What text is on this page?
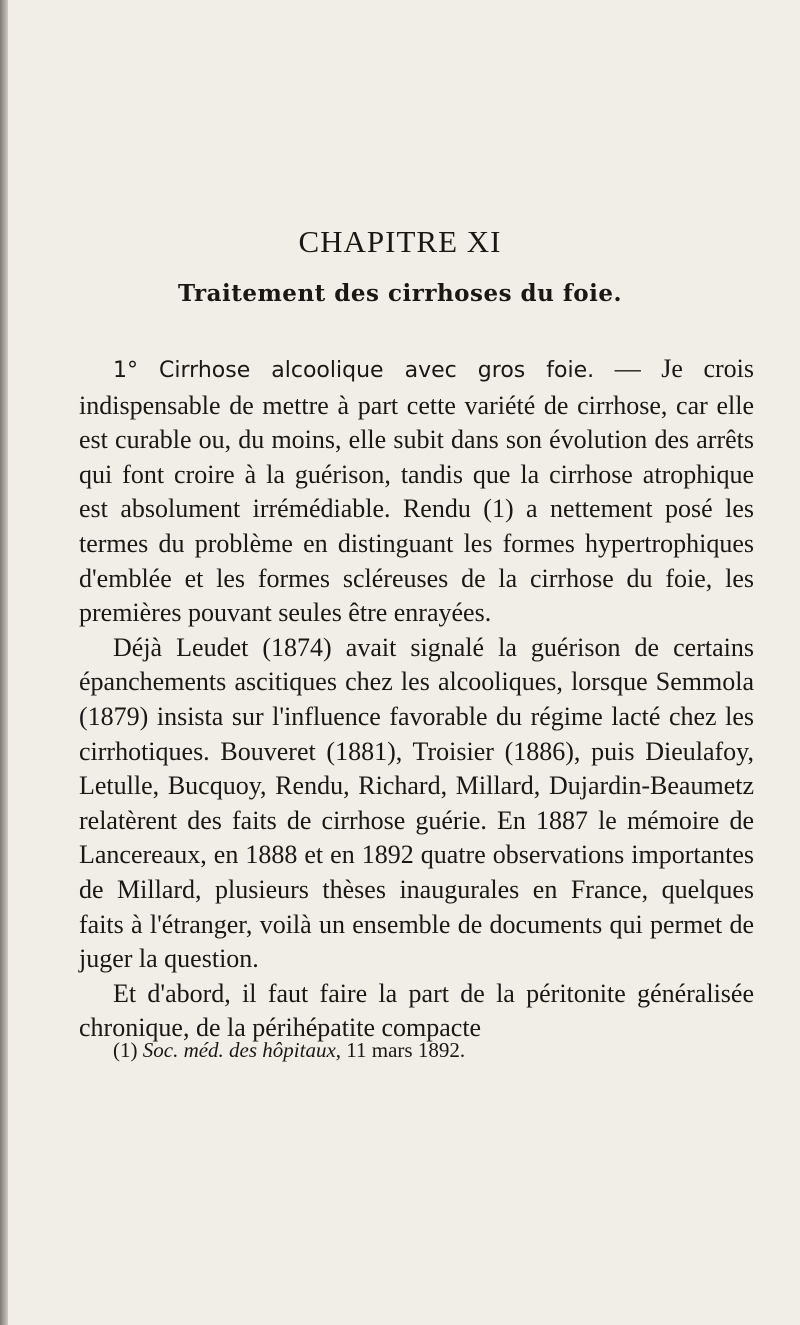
CHAPITRE XI
Traitement des cirrhoses du foie.

1° Cirrhose alcoolique avec gros foie. — Je crois indispensable de mettre à part cette variété de cirrhose, car elle est curable ou, du moins, elle subit dans son évolution des arrêts qui font croire à la guérison, tandis que la cirrhose atrophique est absolument irrémédiable. Rendu (1) a nettement posé les termes du problème en distinguant les formes hypertrophiques d'emblée et les formes scléreuses de la cirrhose du foie, les premières pouvant seules être enrayées.

Déjà Leudet (1874) avait signalé la guérison de certains épanchements ascitiques chez les alcooliques, lorsque Semmola (1879) insista sur l'influence favorable du régime lacté chez les cirrhotiques. Bouveret (1881), Troisier (1886), puis Dieulafoy, Letulle, Bucquoy, Rendu, Richard, Millard, Dujardin-Beaumetz relatèrent des faits de cirrhose guérie. En 1887 le mémoire de Lancereaux, en 1888 et en 1892 quatre observations importantes de Millard, plusieurs thèses inaugurales en France, quelques faits à l'étranger, voilà un ensemble de documents qui permet de juger la question.

Et d'abord, il faut faire la part de la péritonite généralisée chronique, de la périhépatite compacte

(1) Soc. méd. des hôpitaux, 11 mars 1892.
